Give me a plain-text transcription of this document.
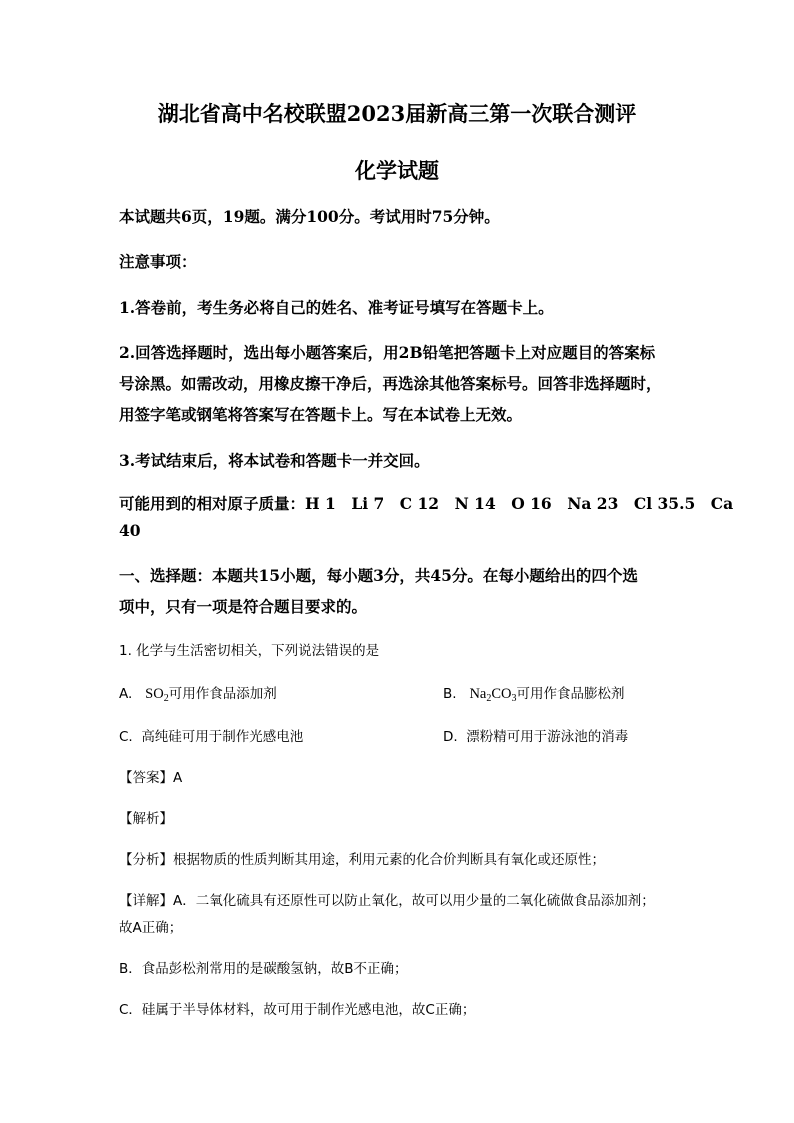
湖北省高中名校联盟2023届新高三第一次联合测评
化学试题
本试题共6页，19题。满分100分。考试用时75分钟。
注意事项：
1.答卷前，考生务必将自己的姓名、准考证号填写在答题卡上。
2.回答选择题时，选出每小题答案后，用2B铅笔把答题卡上对应题目的答案标
号涂黑。如需改动，用橡皮擦干净后，再选涂其他答案标号。回答非选择题时，
用签字笔或钢笔将答案写在答题卡上。写在本试卷上无效。
3.考试结束后，将本试卷和答题卡一并交回。
可能用到的相对原子质量：H 1　Li 7　C 12　N 14　O 16　Na 23　Cl 35.5　Ca
40
一、选择题：本题共15小题，每小题3分，共45分。在每小题给出的四个选
项中，只有一项是符合题目要求的。
1. 化学与生活密切相关，下列说法错误的是
A. $SO_2$可用作食品添加剂	B. $Na_2CO_3$可用作食品膨松剂
C. 高纯硅可用于制作光感电池	D. 漂粉精可用于游泳池的消毒
【答案】A
【解析】
【分析】根据物质的性质判断其用途，利用元素的化合价判断具有氧化或还原性；
【详解】A．二氧化硫具有还原性可以防止氧化，故可以用少量的二氧化硫做食品添加剂；
故A正确；
B．食品彭松剂常用的是碳酸氢钠，故B不正确；
C．硅属于半导体材料，故可用于制作光感电池，故C正确；
